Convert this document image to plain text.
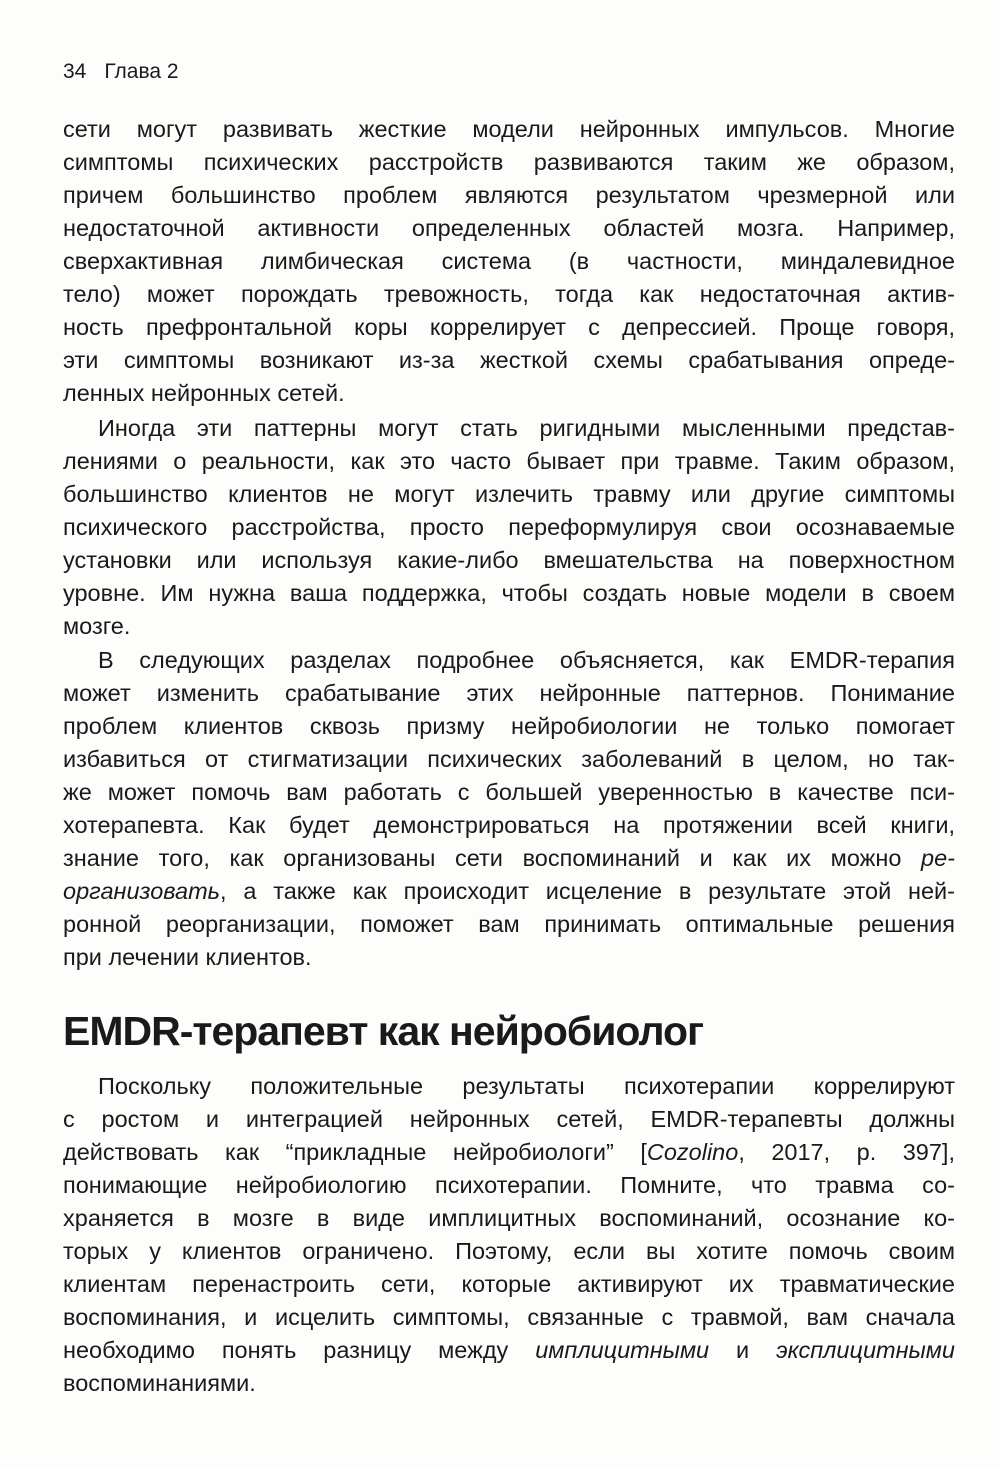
34 Глава 2
сети могут развивать жесткие модели нейронных импульсов. Многие
симптомы психических расстройств развиваются таким же образом,
причем большинство проблем являются результатом чрезмерной или
недостаточной активности определенных областей мозга. Например,
сверхактивная лимбическая система (в частности, миндалевидное
тело) может порождать тревожность, тогда как недостаточная актив-
ность префронтальной коры коррелирует с депрессией. Проще говоря,
эти симптомы возникают из-за жесткой схемы срабатывания опреде-
ленных нейронных сетей.
Иногда эти паттерны могут стать ригидными мысленными представ-
лениями о реальности, как это часто бывает при травме. Таким образом,
большинство клиентов не могут излечить травму или другие симптомы
психического расстройства, просто переформулируя свои осознаваемые
установки или используя какие-либо вмешательства на поверхностном
уровне. Им нужна ваша поддержка, чтобы создать новые модели в своем
мозге.
В следующих разделах подробнее объясняется, как EMDR-терапия
может изменить срабатывание этих нейронные паттернов. Понимание
проблем клиентов сквозь призму нейробиологии не только помогает
избавиться от стигматизации психических заболеваний в целом, но так-
же может помочь вам работать с большей уверенностью в качестве пси-
хотерапевта. Как будет демонстрироваться на протяжении всей книги,
знание того, как организованы сети воспоминаний и как их можно ре-
организовать, а также как происходит исцеление в результате этой ней-
ронной реорганизации, поможет вам принимать оптимальные решения
при лечении клиентов.
EMDR-терапевт как нейробиолог
Поскольку положительные результаты психотерапии коррелируют
с ростом и интеграцией нейронных сетей, EMDR-терапевты должны
действовать как “прикладные нейробиологи” [Cozolino, 2017, p. 397],
понимающие нейробиологию психотерапии. Помните, что травма со-
храняется в мозге в виде имплицитных воспоминаний, осознание ко-
торых у клиентов ограничено. Поэтому, если вы хотите помочь своим
клиентам перенастроить сети, которые активируют их травматические
воспоминания, и исцелить симптомы, связанные с травмой, вам сначала
необходимо понять разницу между имплицитными и эксплицитными
воспоминаниями.
